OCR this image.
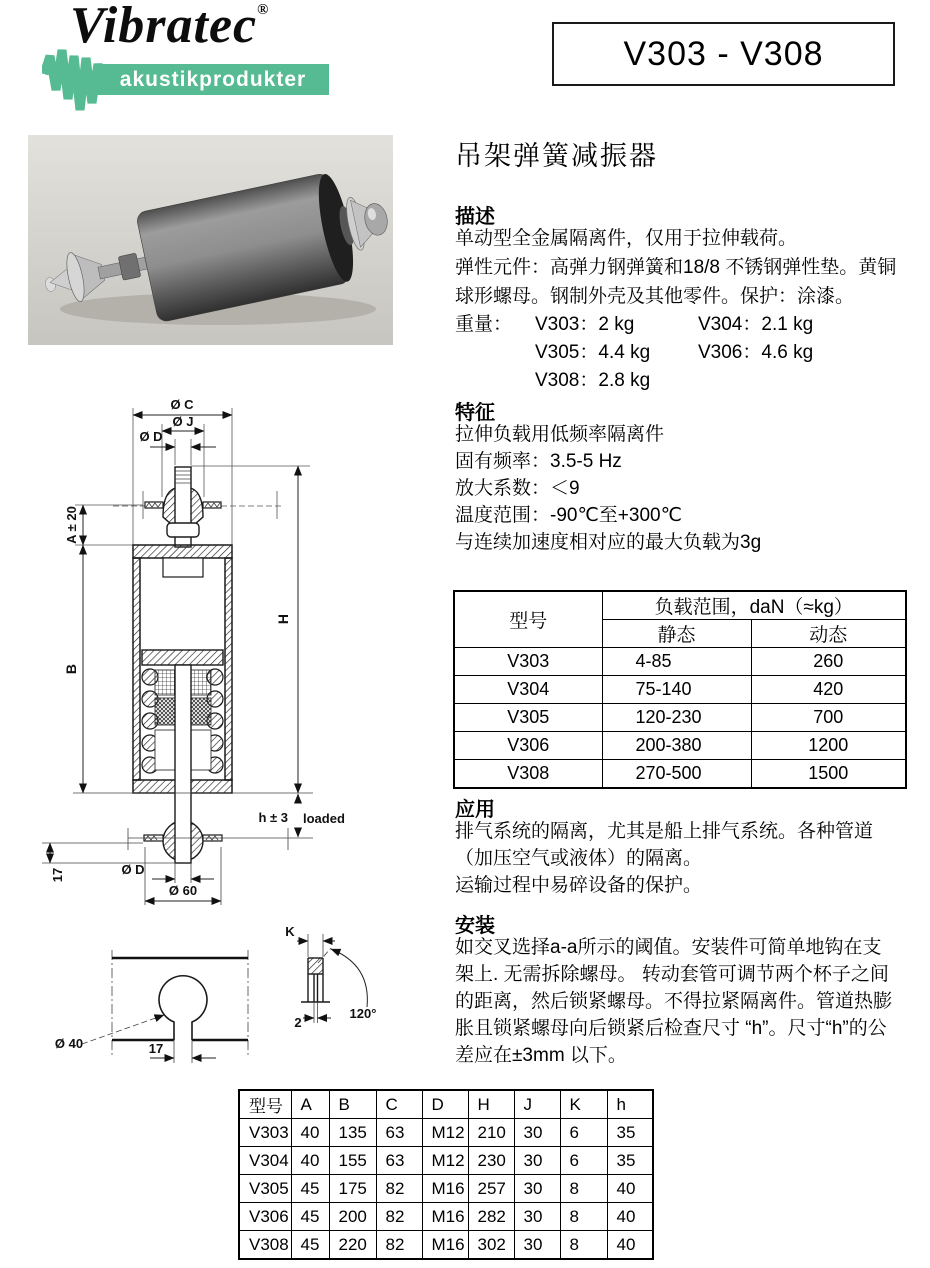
Vibratec®
akustikprodukter
V303 - V308
吊架弹簧减振器
描述
单动型全金属隔离件，仅用于拉伸载荷。
弹性元件：高弹力钢弹簧和18/8 不锈钢弹性垫。黄铜
球形螺母。钢制外壳及其他零件。保护：涂漆。
重量：	V303：2 kg	V304：2.1 kg
V305：4.4 kg	V306：4.6 kg
V308：2.8 kg
特征
拉伸负载用低频率隔离件
固有频率：3.5-5 Hz
放大系数：＜9
温度范围：-90℃至+300℃
与连续加速度相对应的最大负载为3g
型号	负载范围，daN（≈kg）	
	静态	动态
V303	4-85	260
V304	75-140	420
V305	120-230	700
V306	200-380	1200
V308	270-500	1500
应用
排气系统的隔离，尤其是船上排气系统。各种管道
（加压空气或液体）的隔离。
运输过程中易碎设备的保护。
安装
如交叉选择a-a所示的阈值。安装件可简单地钩在支
架上. 无需拆除螺母。 转动套管可调节两个杯子之间
的距离，然后锁紧螺母。不得拉紧隔离件。管道热膨
胀且锁紧螺母向后锁紧后检查尺寸 “h”。尺寸“h”的公
差应在±3mm 以下。
Ø C
Ø J
Ø D
A ± 20
B
H
h ± 3 loaded
17	Ø D
Ø 60
Ø 40	17
K
2
120°
型号	A	B	C	D	H	J	K	h
V303	40	135	63	M12	210	30	6	35
V304	40	155	63	M12	230	30	6	35
V305	45	175	82	M16	257	30	8	40
V306	45	200	82	M16	282	30	8	40
V308	45	220	82	M16	302	30	8	40
